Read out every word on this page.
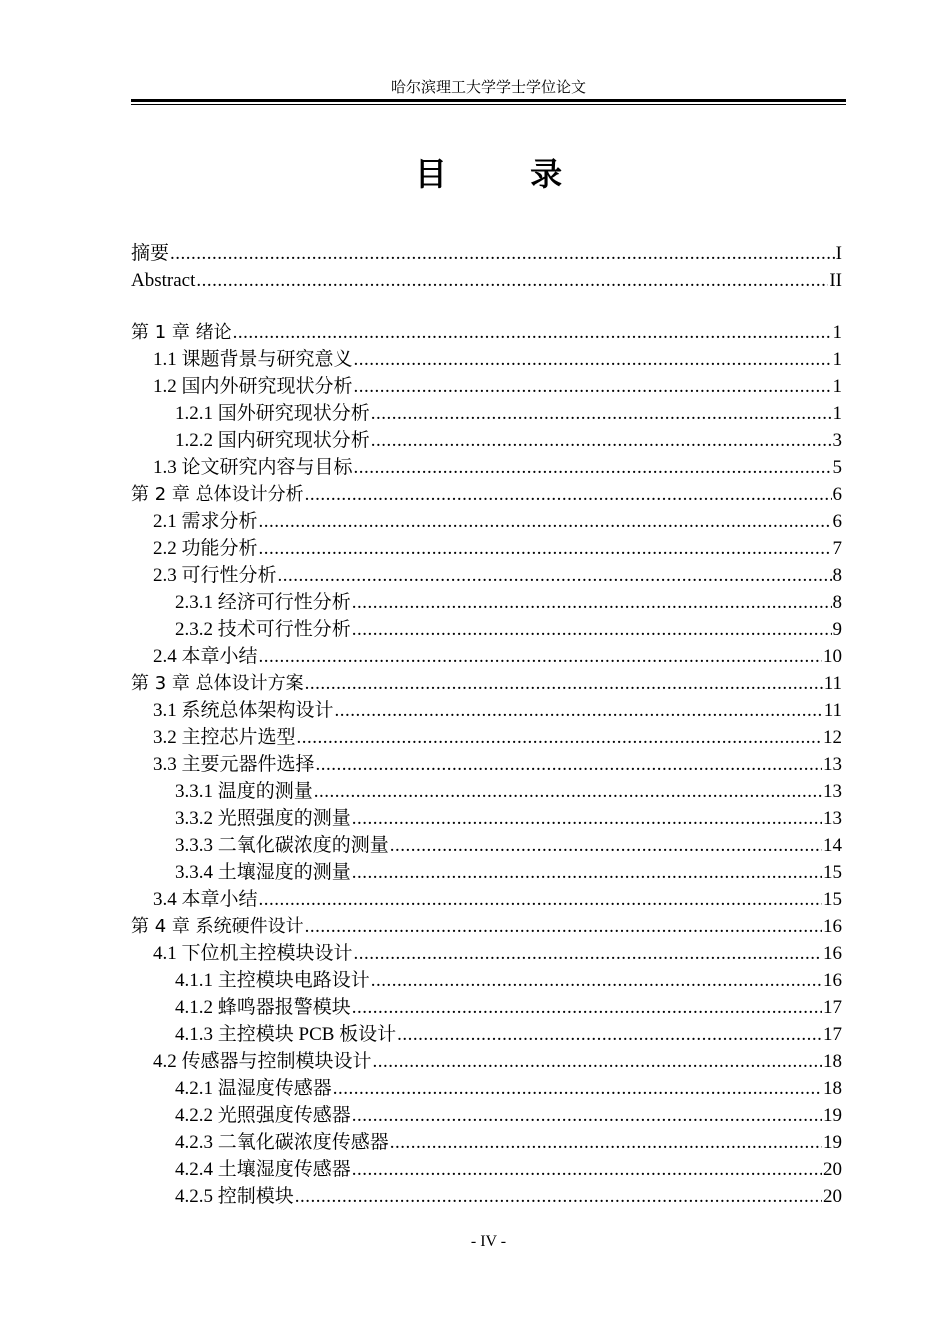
哈尔滨理工大学学士学位论文
目 录
摘要 .....	I
Abstract .....	II
第 1 章 绪论 .....	1
1.1 课题背景与研究意义 .....	1
1.2 国内外研究现状分析 .....	1
1.2.1 国外研究现状分析 .....	1
1.2.2 国内研究现状分析 .....	3
1.3 论文研究内容与目标 .....	5
第 2 章 总体设计分析 .....	6
2.1 需求分析 .....	6
2.2 功能分析 .....	7
2.3 可行性分析 .....	8
2.3.1 经济可行性分析 .....	8
2.3.2 技术可行性分析 .....	9
2.4 本章小结 .....	10
第 3 章 总体设计方案 .....	11
3.1 系统总体架构设计 .....	11
3.2 主控芯片选型 .....	12
3.3 主要元器件选择 .....	13
3.3.1 温度的测量 .....	13
3.3.2 光照强度的测量 .....	13
3.3.3 二氧化碳浓度的测量 .....	14
3.3.4 土壤湿度的测量 .....	15
3.4 本章小结 .....	15
第 4 章 系统硬件设计 .....	16
4.1 下位机主控模块设计 .....	16
4.1.1 主控模块电路设计 .....	16
4.1.2 蜂鸣器报警模块 .....	17
4.1.3 主控模块 PCB 板设计 .....	17
4.2 传感器与控制模块设计 .....	18
4.2.1 温湿度传感器 .....	18
4.2.2 光照强度传感器 .....	19
4.2.3 二氧化碳浓度传感器 .....	19
4.2.4 土壤湿度传感器 .....	20
4.2.5 控制模块 .....	20
- IV -
